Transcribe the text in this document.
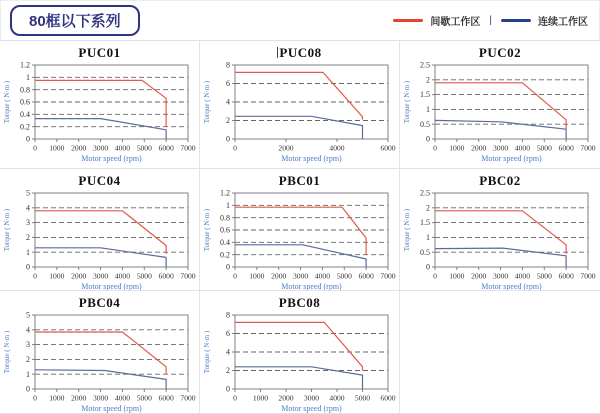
80框以下系列	间歇工作区 |	连续工作区
PUC01
0
0.2
0.4
0.6
0.8
1
1.2
0 1000 2000 3000 4000 5000 6000 7000
Torque ( N·m )
Motor speed (rpm)
PUC08
0
2
4
6
8
0	2000	4000	6000
Torque ( N·m )
Motor speed (rpm)
PUC02
0
0.5
1
1.5
2
2.5
0 1000 2000 3000 4000 5000 6000 7000
Torque ( N·m )
Motor speed (rpm)
PUC04
0
1
2
3
4
5
0 1000 2000 3000 4000 5000 6000 7000
Torque ( N·m )
Motor speed (rpm)
PBC01
0
0.2
0.4
0.6
0.8
1
1.2
0 1000 2000 3000 4000 5000 6000 7000
Torque ( N·m )
Motor speed (rpm)
PBC02
0
0.5
1
1.5
2
2.5
0 1000 2000 3000 4000 5000 6000 7000
Torque ( N·m )
Motor speed (rpm)
PBC04
0
1
2
3
4
5
0 1000 2000 3000 4000 5000 6000 7000
Torque ( N·m )
Motor speed (rpm)
PBC08
0
2
4
6
8
0 1000 2000 3000 4000 5000 6000
Torque ( N·m )
Motor speed (rpm)
